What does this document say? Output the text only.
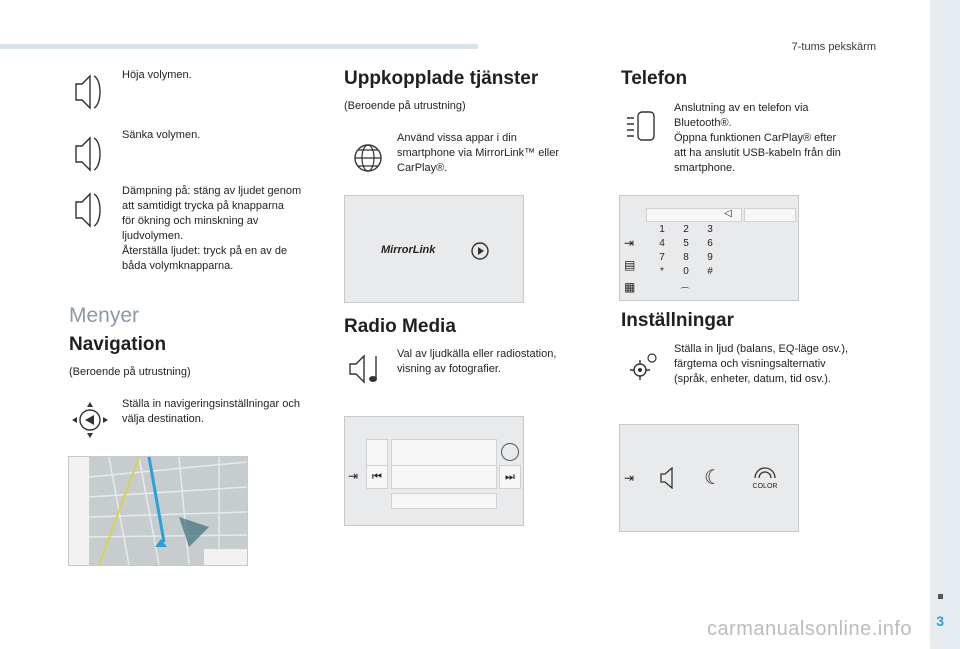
7-tums pekskärm
Höja volymen.
Sänka volymen.
Dämpning på: stäng av ljudet genom
att samtidigt trycka på knapparna
för ökning och minskning av
ljudvolymen.
Återställa ljudet: tryck på en av de
båda volymknapparna.
Menyer
Navigation
(Beroende på utrustning)
Ställa in navigeringsinställningar och
välja destination.
Uppkopplade tjänster
(Beroende på utrustning)
Använd vissa appar i din
smartphone via MirrorLink™ eller
CarPlay®.
MirrorLink
Radio Media
Val av ljudkälla eller radiostation,
visning av fotografier.
⇥	⏮	⏭
Telefon
Anslutning av en telefon via
Bluetooth®.
Öppna funktionen CarPlay® efter
att ha anslutit USB-kabeln från din
smartphone.
⇥
▤
▦
◁
1	2	3
4	5	6
7	8	9
*	0	#
⌒
Inställningar
Ställa in ljud (balans, EQ-läge osv.),
färgtema och visningsalternativ
(språk, enheter, datum, tid osv.).
⇥	☾	COLOR
3
carmanualsonline.info
